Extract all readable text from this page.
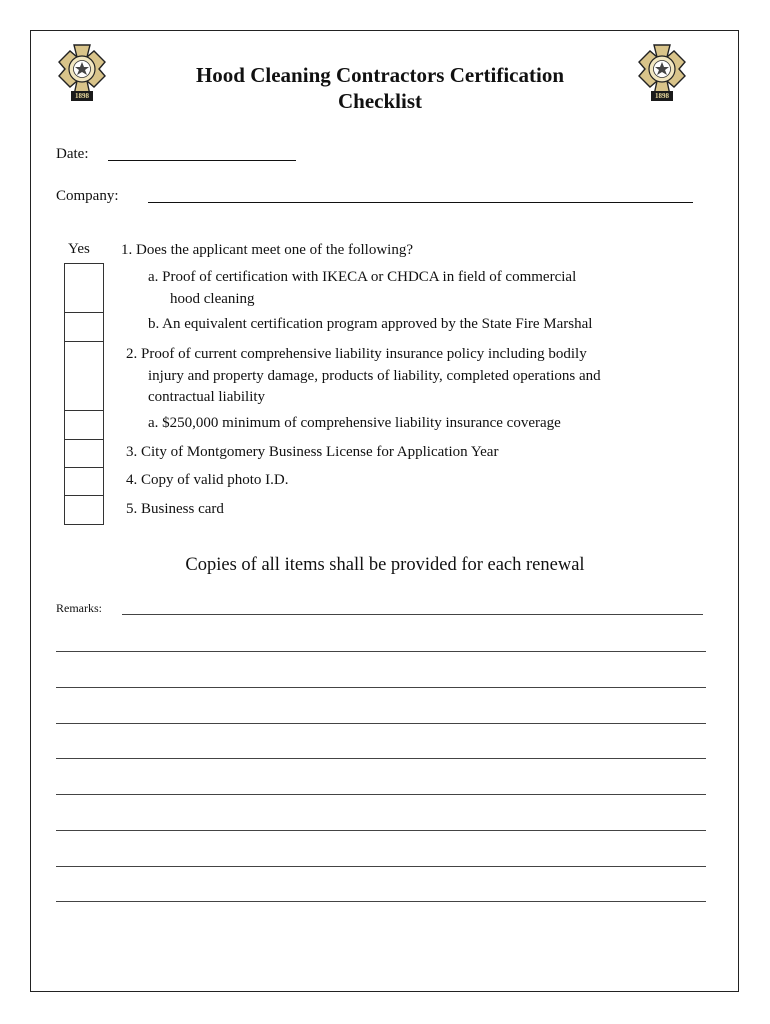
1898
Hood Cleaning Contractors Certification
Checklist	1898
Date:
Company:
Yes 1. Does the applicant meet one of the following?
a. Proof of certification with IKECA or CHDCA in field of commercial
hood cleaning
b. An equivalent certification program approved by the State Fire Marshal
2. Proof of current comprehensive liability insurance policy including bodily
injury and property damage, products of liability, completed operations and
contractual liability
a. $250,000 minimum of comprehensive liability insurance coverage
3. City of Montgomery Business License for Application Year
4. Copy of valid photo I.D.
5. Business card
Copies of all items shall be provided for each renewal
Remarks:
